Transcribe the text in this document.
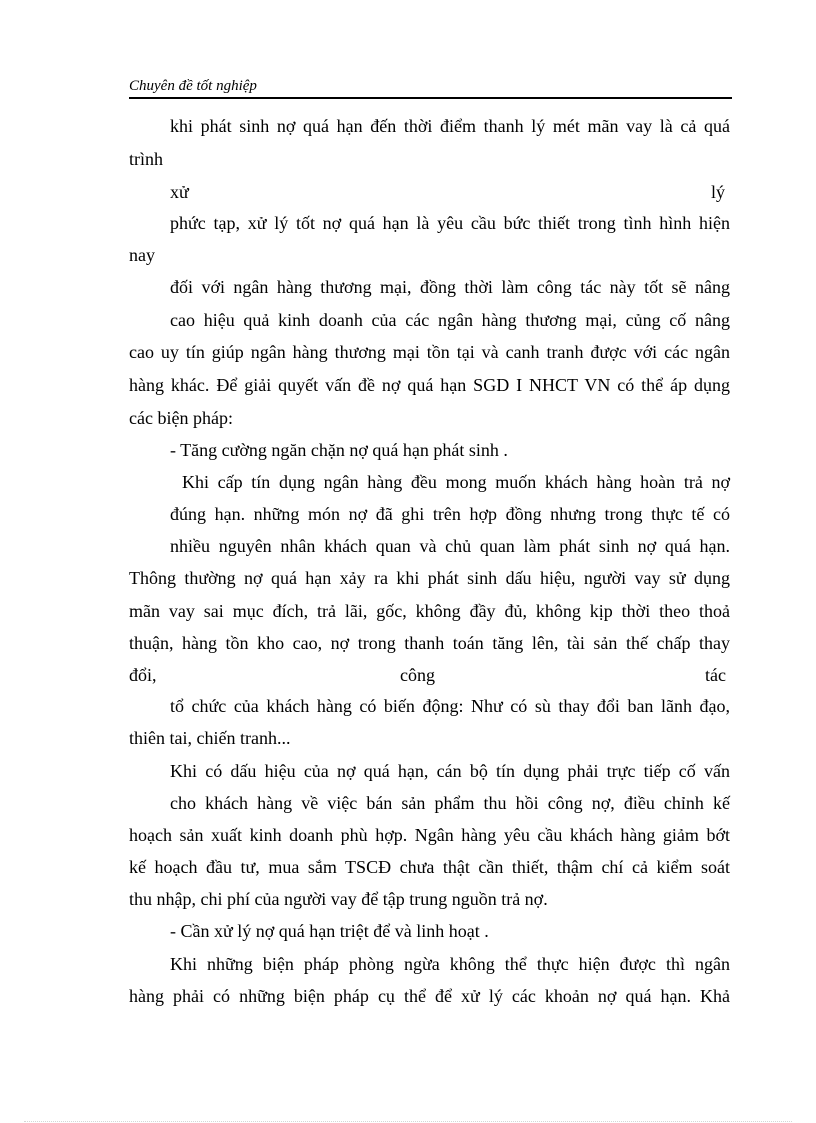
Chuyên đề tốt nghiệp
khi phát sinh nợ quá hạn đến thời điểm thanh lý mét mãn vay là cả quá
trình
xử	lý
phức tạp, xử lý tốt nợ quá hạn là yêu cầu bức thiết trong tình hình hiện
nay
đối với ngân hàng thương mại, đồng thời làm công tác này tốt sẽ nâng
cao hiệu quả kinh doanh của các ngân hàng thương mại, củng cố nâng
cao uy tín giúp ngân hàng thương mại tồn tại và canh tranh được với các ngân
hàng khác. Để giải quyết vấn đề nợ quá hạn SGD I NHCT VN có thể áp dụng
các biện pháp:
- Tăng cường ngăn chặn nợ quá hạn phát sinh .
Khi cấp tín dụng ngân hàng đều mong muốn khách hàng hoàn trả nợ
đúng hạn. những món nợ đã ghi trên hợp đồng nhưng trong thực tế có
nhiều nguyên nhân khách quan và chủ quan làm phát sinh nợ quá hạn.
Thông thường nợ quá hạn xảy ra khi phát sinh dấu hiệu, người vay sử dụng
mãn vay sai mục đích, trả lãi, gốc, không đầy đủ, không kịp thời theo thoả
thuận, hàng tồn kho cao, nợ trong thanh toán tăng lên, tài sản thế chấp thay
đổi,	công	tác
tổ chức của khách hàng có biến động: Như có sù thay đổi ban lãnh đạo,
thiên tai, chiến tranh...
Khi có dấu hiệu của nợ quá hạn, cán bộ tín dụng phải trực tiếp cố vấn
cho khách hàng về việc bán sản phẩm thu hồi công nợ, điều chỉnh kế
hoạch sản xuất kinh doanh phù hợp. Ngân hàng yêu cầu khách hàng giảm bớt
kế hoạch đầu tư, mua sắm TSCĐ chưa thật cần thiết, thậm chí cả kiểm soát
thu nhập, chi phí của người vay để tập trung nguồn trả nợ.
- Cần xử lý nợ quá hạn triệt để và linh hoạt .
Khi những biện pháp phòng ngừa không thể thực hiện được thì ngân
hàng phải có những biện pháp cụ thể để xử lý các khoản nợ quá hạn. Khả
